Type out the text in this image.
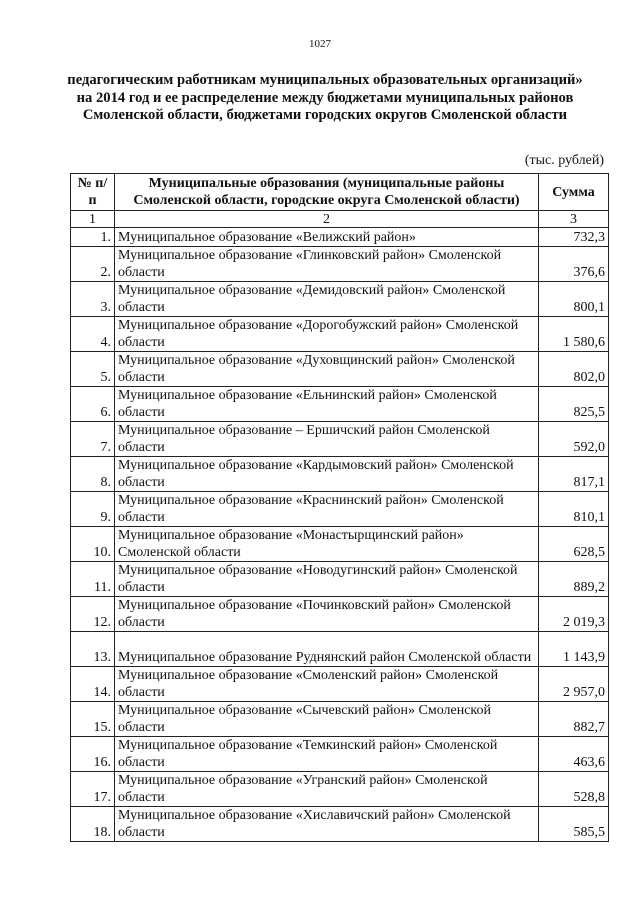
1027
педагогическим работникам муниципальных образовательных организаций» на 2014 год и ее распределение между бюджетами муниципальных районов Смоленской области, бюджетами городских округов Смоленской области
(тыс. рублей)
№ п/п	Муниципальные образования (муниципальные районы Смоленской области, городские округа Смоленской области)	Сумма
1	2	3
1.	Муниципальное образование «Велижский район»	732,3
2.	Муниципальное образование «Глинковский район» Смоленской области	376,6
3.	Муниципальное образование «Демидовский район» Смоленской области	800,1
4.	Муниципальное образование «Дорогобужский район» Смоленской области	1 580,6
5.	Муниципальное образование «Духовщинский район» Смоленской области	802,0
6.	Муниципальное образование «Ельнинский район» Смоленской области	825,5
7.	Муниципальное образование – Ершичский район Смоленской области	592,0
8.	Муниципальное образование «Кардымовский район» Смоленской области	817,1
9.	Муниципальное образование «Краснинский район» Смоленской области	810,1
10.	Муниципальное образование «Монастырщинский район» Смоленской области	628,5
11.	Муниципальное образование «Новодугинский район» Смоленской области	889,2
12.	Муниципальное образование «Починковский район» Смоленской области	2 019,3
13.	Муниципальное образование Руднянский район Смоленской области	1 143,9
14.	Муниципальное образование «Смоленский район» Смоленской области	2 957,0
15.	Муниципальное образование «Сычевский район» Смоленской области	882,7
16.	Муниципальное образование «Темкинский район» Смоленской области	463,6
17.	Муниципальное образование «Угранский район» Смоленской области	528,8
18.	Муниципальное образование «Хиславичский район» Смоленской области	585,5
